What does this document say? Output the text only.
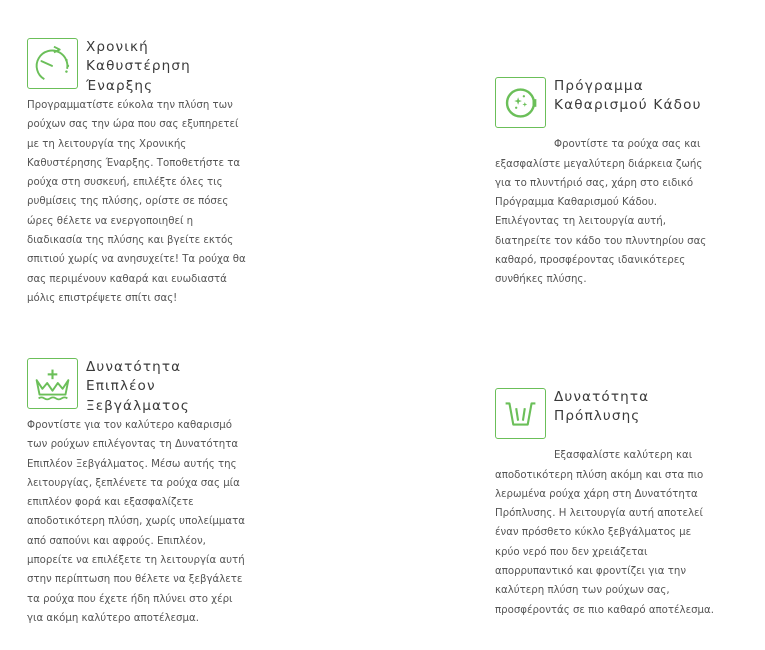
Χρονική
Καθυστέρηση
Έναρξης

Προγραμματίστε εύκολα την πλύση των
ρούχων σας την ώρα που σας εξυπηρετεί
με τη λειτουργία της Χρονικής
Καθυστέρησης Έναρξης. Τοποθετήστε τα
ρούχα στη συσκευή, επιλέξτε όλες τις
ρυθμίσεις της πλύσης, ορίστε σε πόσες
ώρες θέλετε να ενεργοποιηθεί η
διαδικασία της πλύσης και βγείτε εκτός
σπιτιού χωρίς να ανησυχείτε! Τα ρούχα θα
σας περιμένουν καθαρά και ευωδιαστά
μόλις επιστρέψετε σπίτι σας!

Πρόγραμμα
Καθαρισμού Κάδου

Φροντίστε τα ρούχα σας και
εξασφαλίστε μεγαλύτερη διάρκεια ζωής
για το πλυντήριό σας, χάρη στο ειδικό
Πρόγραμμα Καθαρισμού Κάδου.
Επιλέγοντας τη λειτουργία αυτή,
διατηρείτε τον κάδο του πλυντηρίου σας
καθαρό, προσφέροντας ιδανικότερες
συνθήκες πλύσης.

Δυνατότητα
Επιπλέον
Ξεβγάλματος

Φροντίστε για τον καλύτερο καθαρισμό
των ρούχων επιλέγοντας τη Δυνατότητα
Επιπλέον Ξεβγάλματος. Μέσω αυτής της
λειτουργίας, ξεπλένετε τα ρούχα σας μία
επιπλέον φορά και εξασφαλίζετε
αποδοτικότερη πλύση, χωρίς υπολείμματα
από σαπούνι και αφρούς. Επιπλέον,
μπορείτε να επιλέξετε τη λειτουργία αυτή
στην περίπτωση που θέλετε να ξεβγάλετε
τα ρούχα που έχετε ήδη πλύνει στο χέρι
για ακόμη καλύτερο αποτέλεσμα.

Δυνατότητα
Πρόπλυσης

Εξασφαλίστε καλύτερη και
αποδοτικότερη πλύση ακόμη και στα πιο
λερωμένα ρούχα χάρη στη Δυνατότητα
Πρόπλυσης. Η λειτουργία αυτή αποτελεί
έναν πρόσθετο κύκλο ξεβγάλματος με
κρύο νερό που δεν χρειάζεται
απορρυπαντικό και φροντίζει για την
καλύτερη πλύση των ρούχων σας,
προσφέροντάς σε πιο καθαρό αποτέλεσμα.
